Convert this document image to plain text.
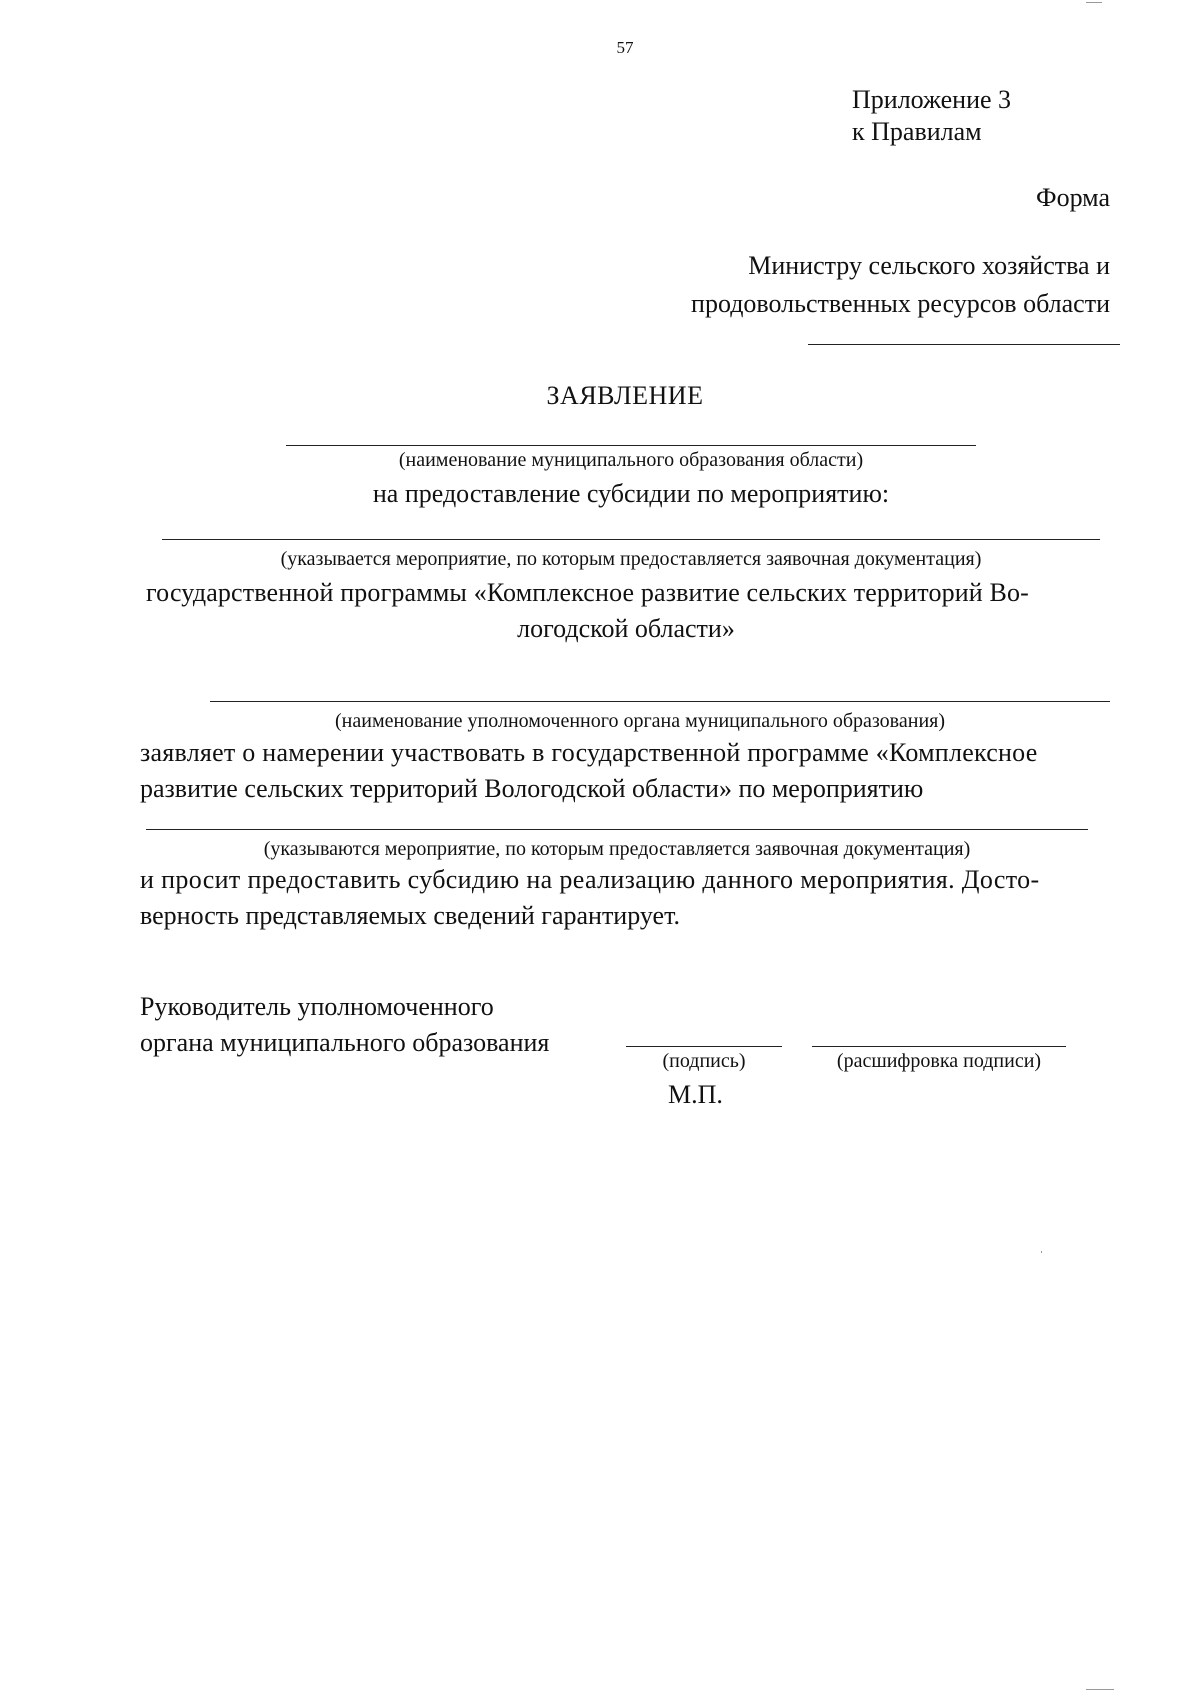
57
Приложение 3
к Правилам
Форма
Министру сельского хозяйства и
продовольственных ресурсов области
ЗАЯВЛЕНИЕ
(наименование муниципального образования области)
на предоставление субсидии по мероприятию:
(указывается мероприятие, по которым предоставляется заявочная документация)
государственной программы «Комплексное развитие сельских территорий Во-
логодской области»
(наименование уполномоченного органа муниципального образования)
заявляет о намерении участвовать в государственной программе «Комплексное
развитие сельских территорий Вологодской области» по мероприятию
(указываются мероприятие, по которым предоставляется заявочная документация)
и просит предоставить субсидию на реализацию данного мероприятия. Досто-
верность представляемых сведений гарантирует.
Руководитель уполномоченного
органа муниципального образования
(подпись)	(расшифровка подписи)
М.П.
